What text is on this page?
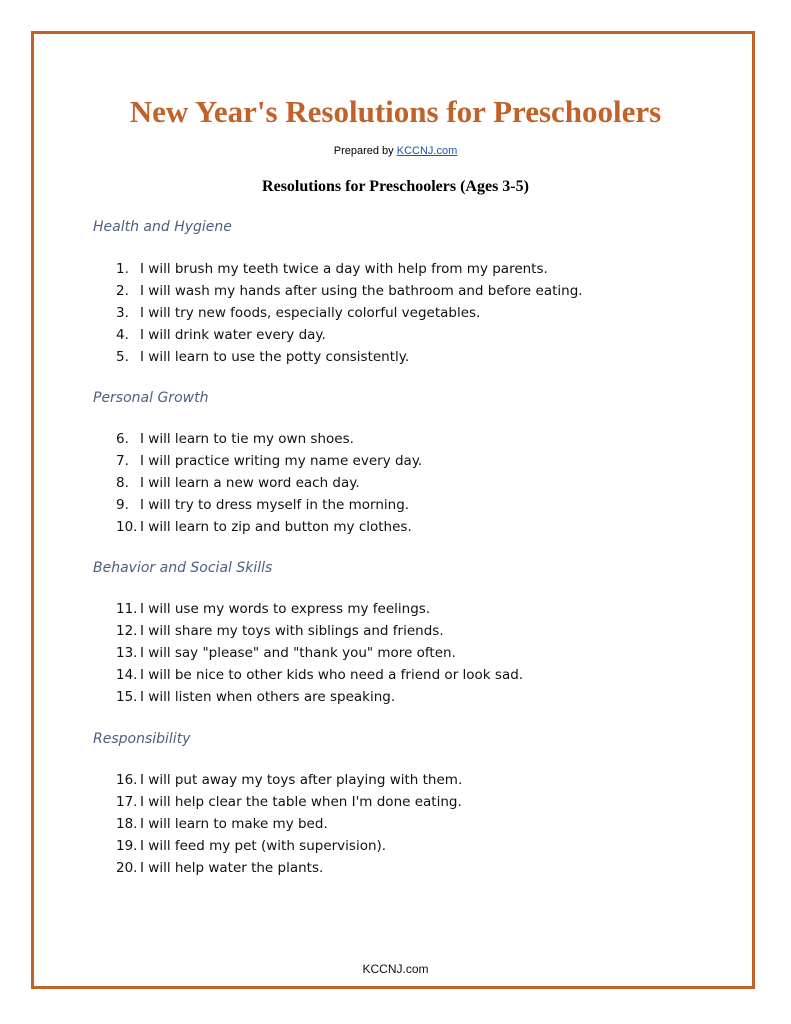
New Year's Resolutions for Preschoolers
Prepared by KCCNJ.com
Resolutions for Preschoolers (Ages 3-5)
Health and Hygiene
1. I will brush my teeth twice a day with help from my parents.
2. I will wash my hands after using the bathroom and before eating.
3. I will try new foods, especially colorful vegetables.
4. I will drink water every day.
5. I will learn to use the potty consistently.
Personal Growth
6. I will learn to tie my own shoes.
7. I will practice writing my name every day.
8. I will learn a new word each day.
9. I will try to dress myself in the morning.
10. I will learn to zip and button my clothes.
Behavior and Social Skills
11. I will use my words to express my feelings.
12. I will share my toys with siblings and friends.
13. I will say "please" and "thank you" more often.
14. I will be nice to other kids who need a friend or look sad.
15. I will listen when others are speaking.
Responsibility
16. I will put away my toys after playing with them.
17. I will help clear the table when I'm done eating.
18. I will learn to make my bed.
19. I will feed my pet (with supervision).
20. I will help water the plants.
KCCNJ.com
